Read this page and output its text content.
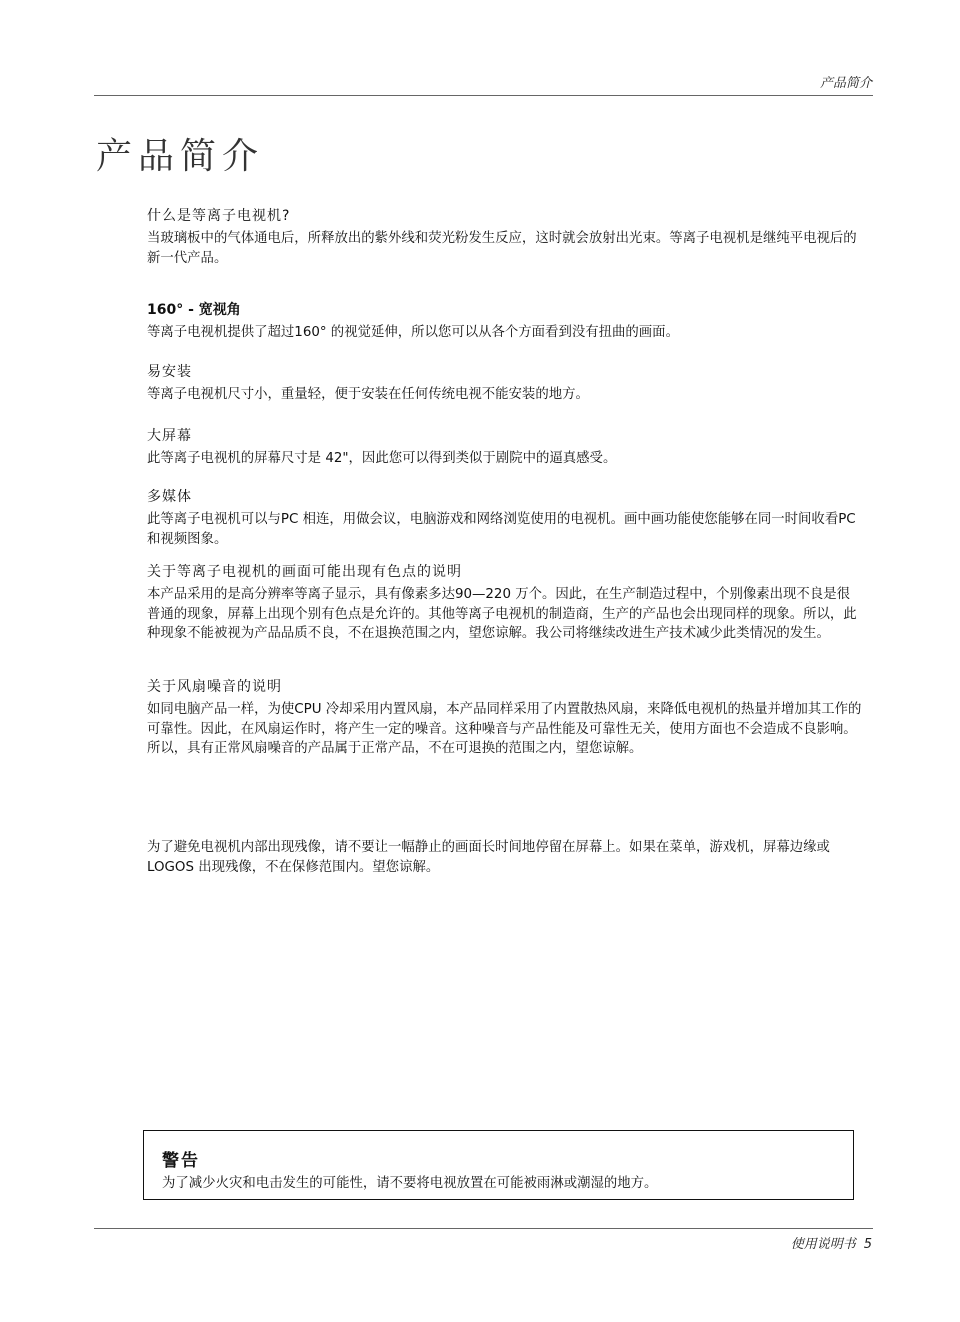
产品简介
产品简介
什么是等离子电视机?

当玻璃板中的气体通电后，所释放出的紫外线和荧光粉发生反应，这时就会放射出光束。等离子电视机是继纯平电视后的新一代产品。

160° - 宽视角

等离子电视机提供了超过160° 的视觉延伸，所以您可以从各个方面看到没有扭曲的画面。

易安装

等离子电视机尺寸小，重量轻，便于安装在任何传统电视不能安装的地方。

大屏幕

此等离子电视机的屏幕尺寸是 42"，因此您可以得到类似于剧院中的逼真感受。

多媒体

此等离子电视机可以与PC 相连，用做会议，电脑游戏和网络浏览使用的电视机。画中画功能使您能够在同一时间收看PC和视频图象。

关于等离子电视机的画面可能出现有色点的说明

本产品采用的是高分辨率等离子显示，具有像素多达90—220 万个。因此，在生产制造过程中，个别像素出现不良是很普通的现象，屏幕上出现个别有色点是允许的。其他等离子电视机的制造商，生产的产品也会出现同样的现象。所以，此种现象不能被视为产品品质不良，不在退换范围之内，望您谅解。我公司将继续改进生产技术减少此类情况的发生。

关于风扇噪音的说明

如同电脑产品一样，为使CPU 冷却采用内置风扇，本产品同样采用了内置散热风扇，来降低电视机的热量并增加其工作的可靠性。因此，在风扇运作时，将产生一定的噪音。这种噪音与产品性能及可靠性无关，使用方面也不会造成不良影响。所以，具有正常风扇噪音的产品属于正常产品，不在可退换的范围之内，望您谅解。

为了避免电视机内部出现残像，请不要让一幅静止的画面长时间地停留在屏幕上。如果在菜单，游戏机，屏幕边缘或LOGOS 出现残像，不在保修范围内。望您谅解。

警告
为了减少火灾和电击发生的可能性，请不要将电视放置在可能被雨淋或潮湿的地方。
使用说明书 5
